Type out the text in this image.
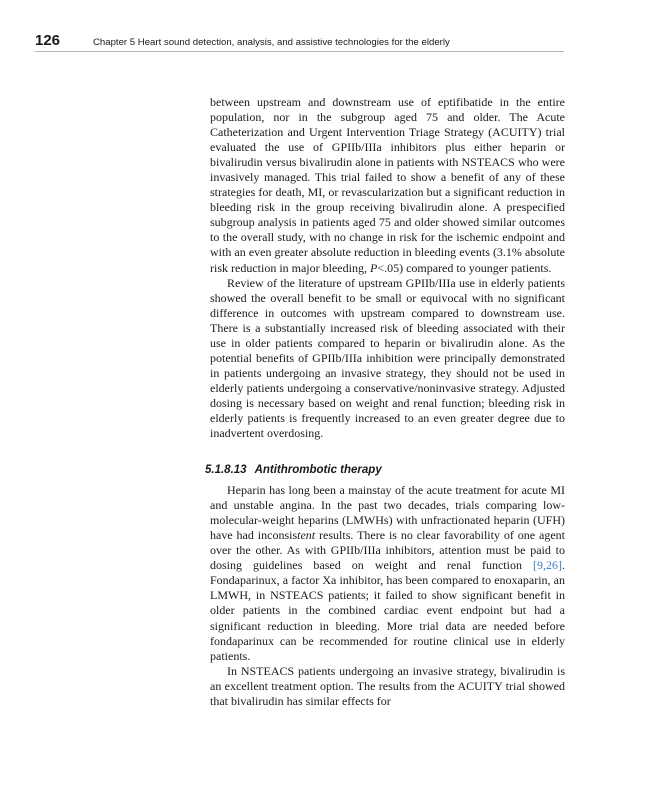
126	Chapter 5 Heart sound detection, analysis, and assistive technologies for the elderly

between upstream and downstream use of eptifibatide in the entire population, nor in the subgroup aged 75 and older. The Acute Catheterization and Urgent Intervention Triage Strategy (ACUITY) trial evaluated the use of GPIIb/IIIa inhibitors plus either heparin or bivalirudin versus bivalirudin alone in patients with NSTEACS who were invasively managed. This trial failed to show a benefit of any of these strategies for death, MI, or revascularization but a significant reduction in bleeding risk in the group receiving bivalirudin alone. A prespecified subgroup analysis in patients aged 75 and older showed similar outcomes to the overall study, with no change in risk for the ischemic endpoint and with an even greater absolute reduction in bleeding events (3.1% absolute risk reduction in major bleeding, P<.05) compared to younger patients.

Review of the literature of upstream GPIIb/IIIa use in elderly patients showed the overall benefit to be small or equivocal with no significant difference in outcomes with upstream compared to downstream use. There is a substantially increased risk of bleeding associated with their use in older patients compared to heparin or bivalirudin alone. As the potential benefits of GPIIb/IIIa inhibition were principally demonstrated in patients undergoing an invasive strategy, they should not be used in elderly patients undergoing a conservative/noninvasive strategy. Adjusted dosing is necessary based on weight and renal function; bleeding risk in elderly patients is frequently increased to an even greater degree due to inadvertent overdosing.

5.1.8.13 Antithrombotic therapy

Heparin has long been a mainstay of the acute treatment for acute MI and unstable angina. In the past two decades, trials comparing low-molecular-weight heparins (LMWHs) with unfractionated heparin (UFH) have had inconsistent results. There is no clear favorability of one agent over the other. As with GPIIb/IIIa inhibitors, attention must be paid to dosing guidelines based on weight and renal function [9,26]. Fondaparinux, a factor Xa inhibitor, has been compared to enoxaparin, an LMWH, in NSTEACS patients; it failed to show significant benefit in older patients in the combined cardiac event endpoint but had a significant reduction in bleeding. More trial data are needed before fondaparinux can be recommended for routine clinical use in elderly patients.

In NSTEACS patients undergoing an invasive strategy, bivalirudin is an excellent treatment option. The results from the ACUITY trial showed that bivalirudin has similar effects for
